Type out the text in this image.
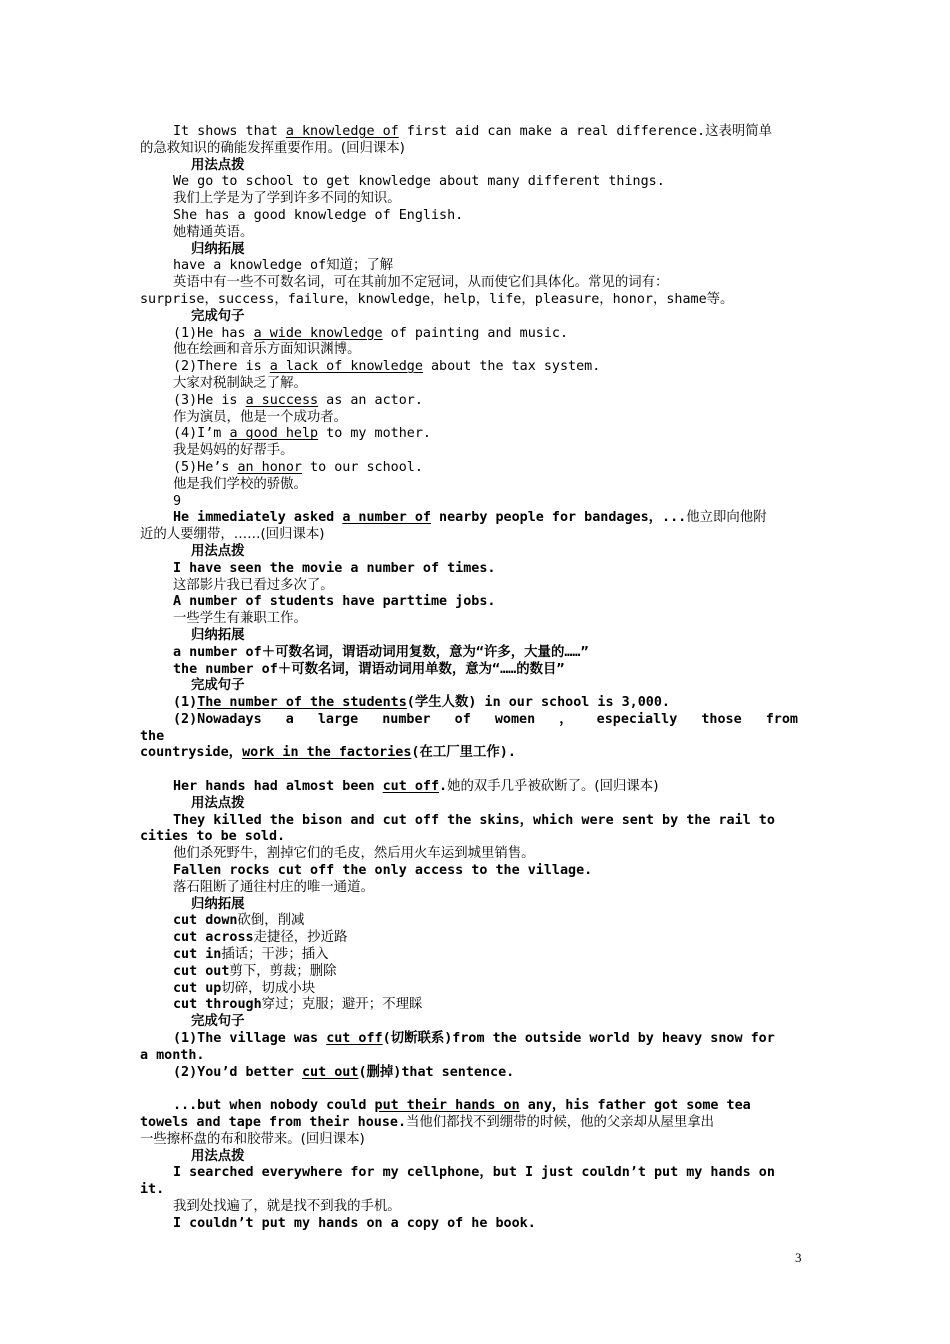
It shows that a knowledge of first aid can make a real difference.这表明简单

的急救知识的确能发挥重要作用。(回归课本)

用法点拨

We go to school to get knowledge about many different things.

我们上学是为了学到许多不同的知识。

She has a good knowledge of English.

她精通英语。

归纳拓展

have a knowledge of知道；了解

英语中有一些不可数名词，可在其前加不定冠词，从而使它们具体化。常见的词有：

surprise，success，failure，knowledge，help，life，pleasure，honor，shame等。

完成句子

(1)He has a wide knowledge of painting and music.

他在绘画和音乐方面知识渊博。

(2)There is a lack of knowledge about the tax system.

大家对税制缺乏了解。

(3)He is a success as an actor.

作为演员，他是一个成功者。

(4)I’m a good help to my mother.

我是妈妈的好帮手。

(5)He’s an honor to our school.

他是我们学校的骄傲。

9

He immediately asked a number of nearby people for bandages，...他立即向他附

近的人要绷带，……(回归课本)

用法点拨

I have seen the movie a number of times.

这部影片我已看过多次了。

A number of students have parttime jobs.

一些学生有兼职工作。

归纳拓展

a number of＋可数名词，谓语动词用复数，意为“许多，大量的……”

the number of＋可数名词，谓语动词用单数，意为“……的数目”

完成句子

(1)The number of the students(学生人数) in our school is 3,000.

(2)Nowadays a large number of women ， especially those from the

countryside，work in the factories(在工厂里工作).

Her hands had almost been cut off.她的双手几乎被砍断了。(回归课本)

用法点拨

They killed the bison and cut off the skins，which were sent by the rail to

cities to be sold.

他们杀死野牛，割掉它们的毛皮，然后用火车运到城里销售。

Fallen rocks cut off the only access to the village.

落石阻断了通往村庄的唯一通道。

归纳拓展

cut down砍倒，削减

cut across走捷径，抄近路

cut in插话；干涉；插入

cut out剪下，剪裁；删除

cut up切碎，切成小块

cut through穿过；克服；避开；不理睬

完成句子

(1)The village was cut off(切断联系)from the outside world by heavy snow for

a month.

(2)You’d better cut out(删掉)that sentence.

...but when nobody could put their hands on any，his father got some tea

towels and tape from their house.当他们都找不到绷带的时候，他的父亲却从屋里拿出

一些擦杯盘的布和胶带来。(回归课本)

用法点拨

I searched everywhere for my cellphone，but I just couldn’t put my hands on

it.

我到处找遍了，就是找不到我的手机。

I couldn’t put my hands on a copy of he book.

3
